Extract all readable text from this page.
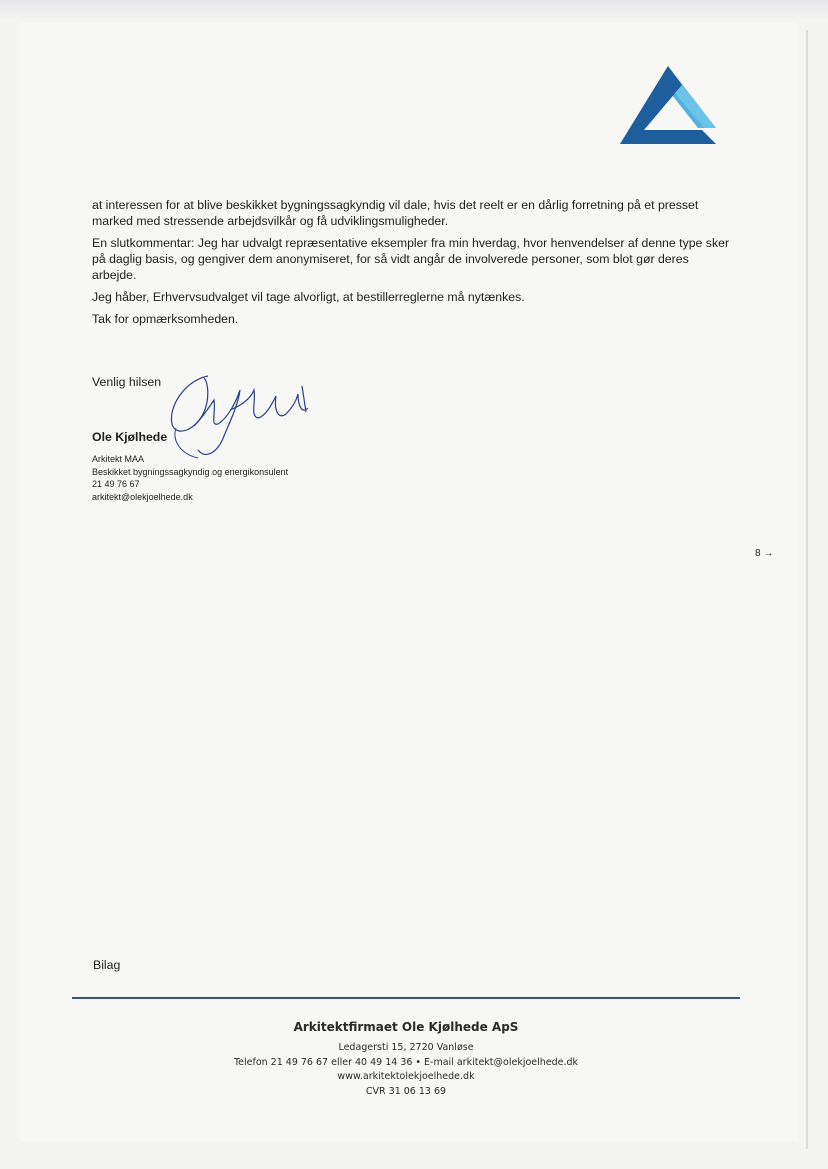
at interessen for at blive beskikket bygningssagkyndig vil dale, hvis det reelt er en dårlig forretning på et presset marked med stressende arbejdsvilkår og få udviklingsmuligheder.

En slutkommentar: Jeg har udvalgt repræsentative eksempler fra min hverdag, hvor henvendelser af denne type sker på daglig basis, og gengiver dem anonymiseret, for så vidt angår de involverede personer, som blot gør deres arbejde.

Jeg håber, Erhvervsudvalget vil tage alvorligt, at bestillerreglerne må nytænkes.

Tak for opmærksomheden.

Venlig hilsen
Ole Kjølhede
Arkitekt MAA
Beskikket bygningssagkyndig og energikonsulent
21 49 76 67
arkitekt@olekjoelhede.dk
8 →
Bilag
Arkitektfirmaet Ole Kjølhede ApS
Ledagersti 15, 2720 Vanløse
Telefon 21 49 76 67 eller 40 49 14 36 • E-mail arkitekt@olekjoelhede.dk
www.arkitektolekjoelhede.dk
CVR 31 06 13 69
